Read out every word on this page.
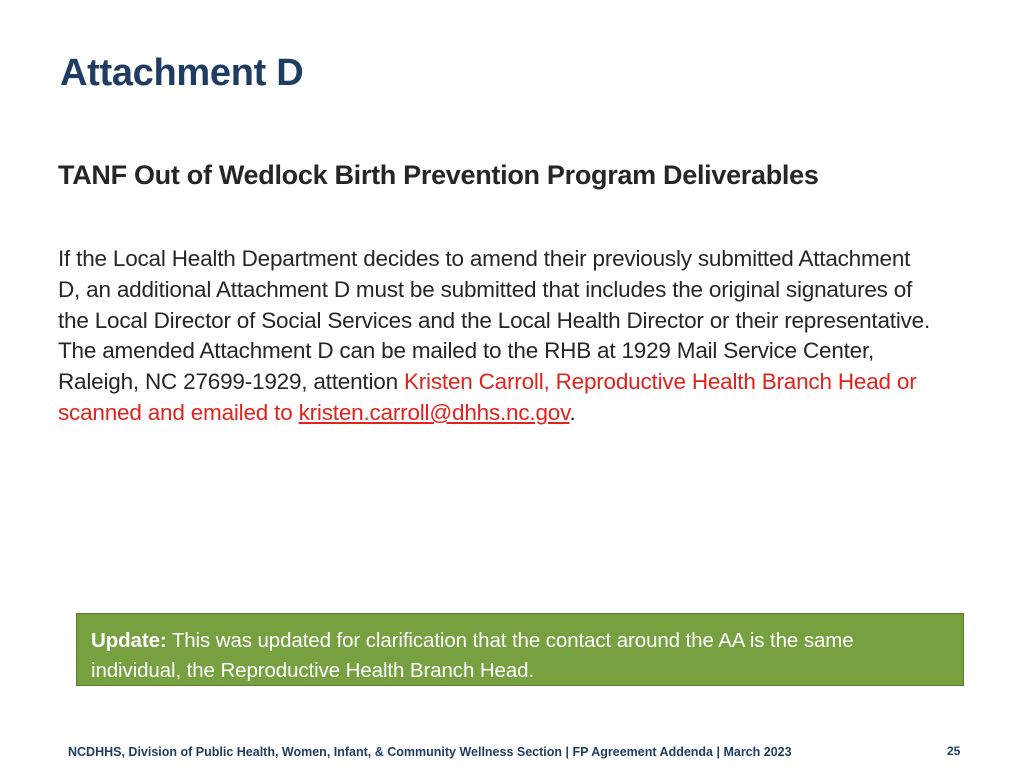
Attachment D
TANF Out of Wedlock Birth Prevention Program Deliverables

If the Local Health Department decides to amend their previously submitted Attachment D, an additional Attachment D must be submitted that includes the original signatures of the Local Director of Social Services and the Local Health Director or their representative. The amended Attachment D can be mailed to the RHB at 1929 Mail Service Center, Raleigh, NC 27699-1929, attention Kristen Carroll, Reproductive Health Branch Head or scanned and emailed to kristen.carroll@dhhs.nc.gov.

Update: This was updated for clarification that the contact around the AA is the same individual, the Reproductive Health Branch Head.
NCDHHS, Division of Public Health, Women, Infant, & Community Wellness Section | FP Agreement Addenda | March 2023	25
